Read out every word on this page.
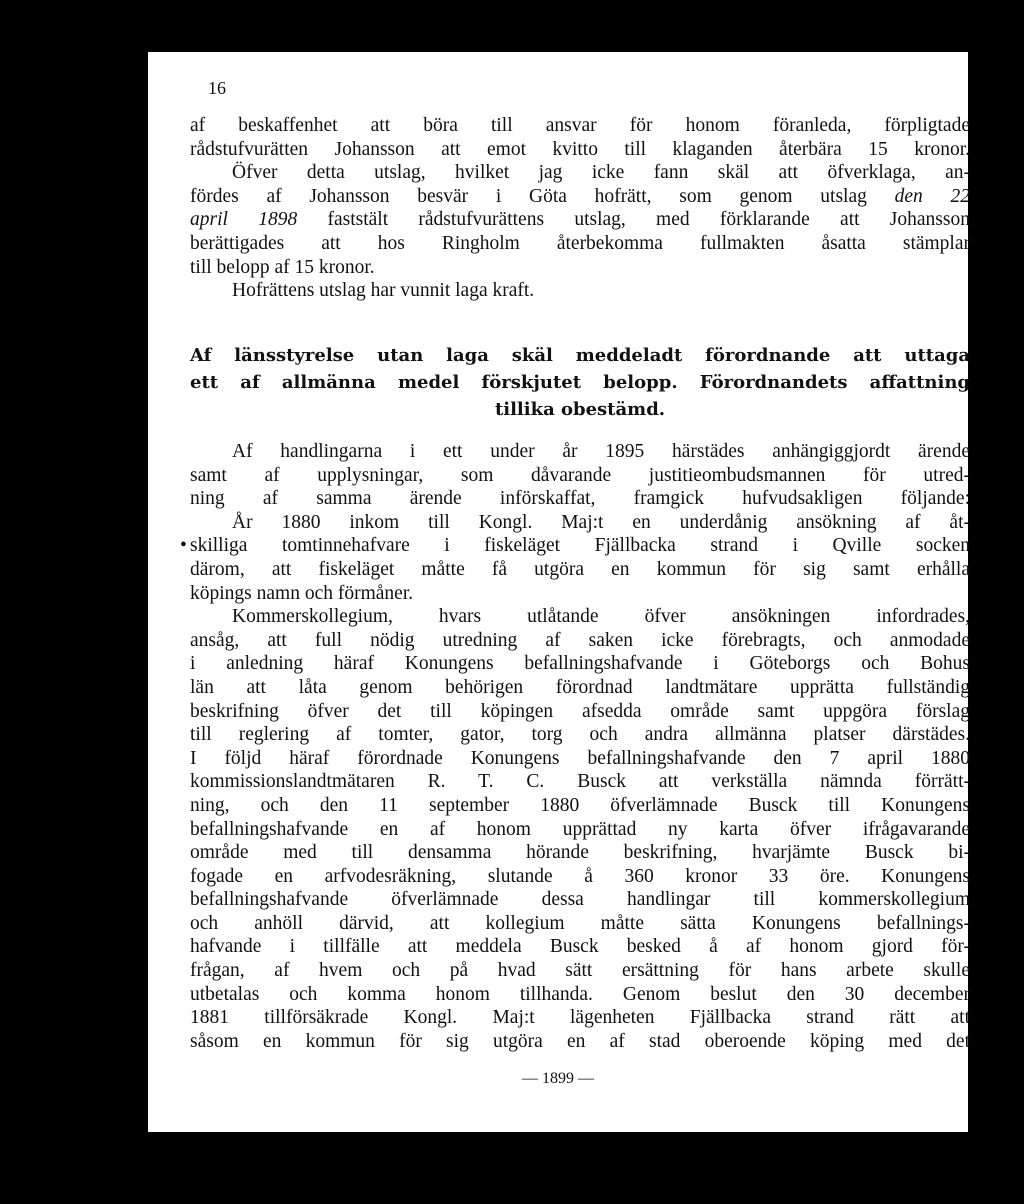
16
af beskaffenhet att böra till ansvar för honom föranleda, förpligtade
rådstufvurätten Johansson att emot kvitto till klaganden återbära 15 kronor.
Öfver detta utslag, hvilket jag icke fann skäl att öfverklaga, an-
fördes af Johansson besvär i Göta hofrätt, som genom utslag den 22
april 1898 faststält rådstufvurättens utslag, med förklarande att Johansson
berättigades att hos Ringholm återbekomma fullmakten åsatta stämplar
till belopp af 15 kronor.
Hofrättens utslag har vunnit laga kraft.
Af länsstyrelse utan laga skäl meddeladt förordnande att uttaga
ett af allmänna medel förskjutet belopp. Förordnandets affattning
tillika obestämd.
Af handlingarna i ett under år 1895 härstädes anhängiggjordt ärende
samt af upplysningar, som dåvarande justitieombudsmannen för utred-
ning af samma ärende införskaffat, framgick hufvudsakligen följande:
År 1880 inkom till Kongl. Maj:t en underdånig ansökning af åt-
• skilliga tomtinnehafvare i fiskeläget Fjällbacka strand i Qville socken
därom, att fiskeläget måtte få utgöra en kommun för sig samt erhålla
köpings namn och förmåner.
Kommerskollegium, hvars utlåtande öfver ansökningen infordrades,
ansåg, att full nödig utredning af saken icke förebragts, och anmodade
i anledning häraf Konungens befallningshafvande i Göteborgs och Bohus
län att låta genom behörigen förordnad landtmätare upprätta fullständig
beskrifning öfver det till köpingen afsedda område samt uppgöra förslag
till reglering af tomter, gator, torg och andra allmänna platser därstädes.
I följd häraf förordnade Konungens befallningshafvande den 7 april 1880
kommissionslandtmätaren R. T. C. Busck att verkställa nämnda förrätt-
ning, och den 11 september 1880 öfverlämnade Busck till Konungens
befallningshafvande en af honom upprättad ny karta öfver ifrågavarande
område med till densamma hörande beskrifning, hvarjämte Busck bi-
fogade en arfvodesräkning, slutande å 360 kronor 33 öre. Konungens
befallningshafvande öfverlämnade dessa handlingar till kommerskollegium
och anhöll därvid, att kollegium måtte sätta Konungens befallnings-
hafvande i tillfälle att meddela Busck besked å af honom gjord för-
frågan, af hvem och på hvad sätt ersättning för hans arbete skulle
utbetalas och komma honom tillhanda. Genom beslut den 30 december
1881 tillförsäkrade Kongl. Maj:t lägenheten Fjällbacka strand rätt att
såsom en kommun för sig utgöra en af stad oberoende köping med det
— 1899 —
